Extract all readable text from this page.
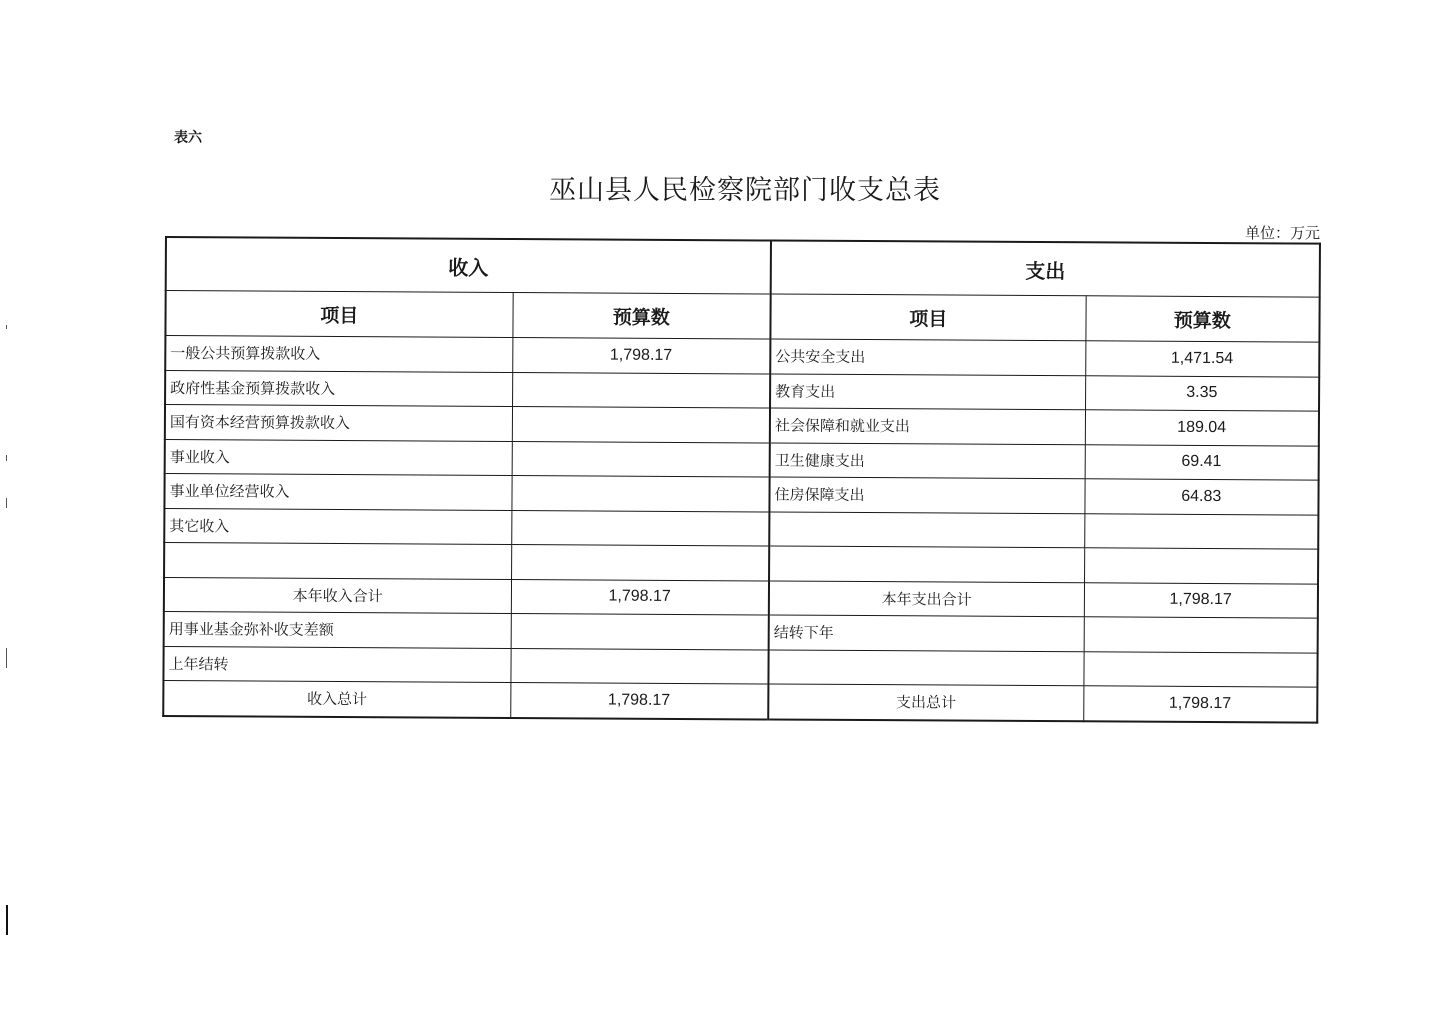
表六
巫山县人民检察院部门收支总表
单位：万元
收入		支出	
项目	预算数	项目	预算数
一般公共预算拨款收入	1,798.17	公共安全支出	1,471.54
政府性基金预算拨款收入		教育支出	3.35
国有资本经营预算拨款收入		社会保障和就业支出	189.04
事业收入		卫生健康支出	69.41
事业单位经营收入		住房保障支出	64.83
其它收入			

本年收入合计	1,798.17	本年支出合计	1,798.17
用事业基金弥补收支差额		结转下年	
上年结转			
收入总计	1,798.17	支出总计	1,798.17
